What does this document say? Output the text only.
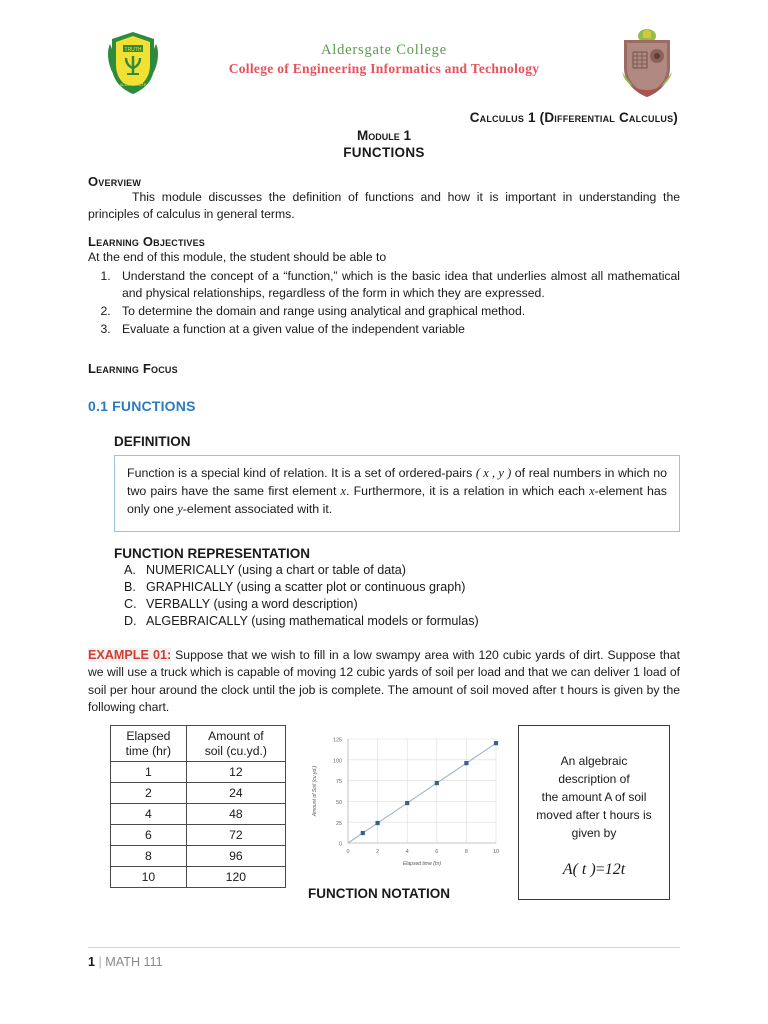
TRUTH
ALDERSGATE
Aldersgate College
College of Engineering Informatics and Technology
Calculus 1 (Differential Calculus)
Module 1
FUNCTIONS
Overview
This module discusses the definition of functions and how it is important in understanding the principles of calculus in general terms.
Learning Objectives
At the end of this module, the student should be able to
1. Understand the concept of a “function,” which is the basic idea that underlies almost all mathematical and physical relationships, regardless of the form in which they are expressed.
2. To determine the domain and range using analytical and graphical method.
3. Evaluate a function at a given value of the independent variable
Learning Focus
0.1 FUNCTIONS
DEFINITION
Function is a special kind of relation. It is a set of ordered-pairs ( x , y ) of real numbers in which no two pairs have the same first element x. Furthermore, it is a relation in which each x-element has only one y-element associated with it.
FUNCTION REPRESENTATION
A. NUMERICALLY (using a chart or table of data)
B. GRAPHICALLY (using a scatter plot or continuous graph)
C. VERBALLY (using a word description)
D. ALGEBRAICALLY (using mathematical models or formulas)
EXAMPLE 01: Suppose that we wish to fill in a low swampy area with 120 cubic yards of dirt. Suppose that we will use a truck which is capable of moving 12 cubic yards of soil per load and that we can deliver 1 load of soil per hour around the clock until the job is complete. The amount of soil moved after t hours is given by the following chart.
Elapsed
time (hr)	Amount of
soil (cu.yd.)
1	12
2	24
4	48
6	72
8	96
10	120
0
25
50
75
100
125
0	2	4	6	8	10
Amount of Soil (cu.yd.)
Elapsed time (hr)
FUNCTION NOTATION
An algebraic description of
the amount A of soil
moved after t hours is
given by
A( t )=12t
1 | MATH 111
